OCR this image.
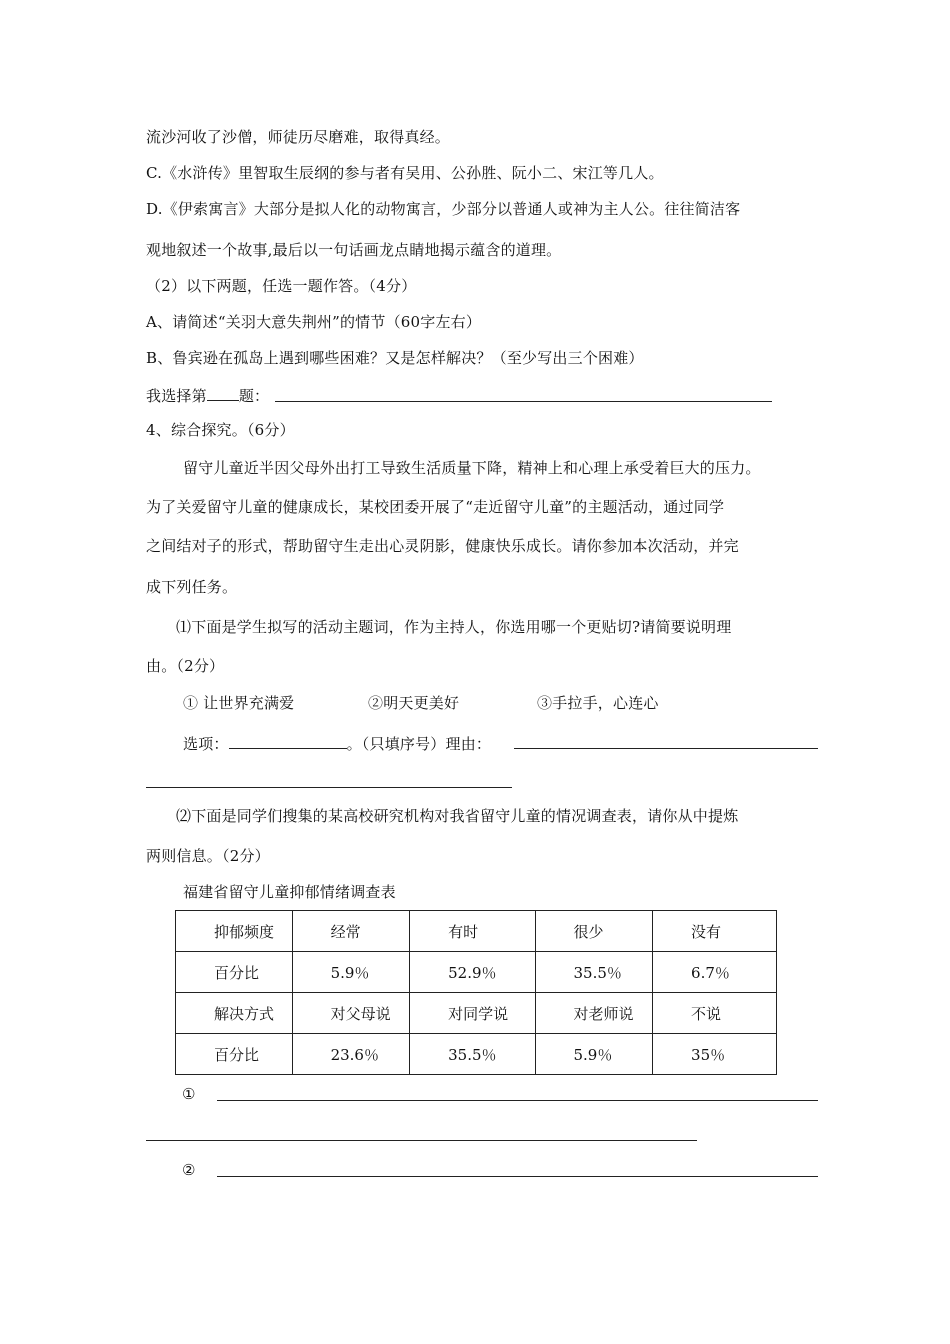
流沙河收了沙僧，师徒历尽磨难，取得真经。
C.《水浒传》里智取生辰纲的参与者有吴用、公孙胜、阮小二、宋江等几人。
D.《伊索寓言》大部分是拟人化的动物寓言，少部分以普通人或神为主人公。往往简洁客
观地叙述一个故事,最后以一句话画龙点睛地揭示蕴含的道理。
（2）以下两题，任选一题作答。（4分）
A、请简述“关羽大意失荆州”的情节（60字左右）
B、鲁宾逊在孤岛上遇到哪些困难？又是怎样解决？（至少写出三个困难）
我选择第 题：
4、综合探究。（6分）
留守儿童近半因父母外出打工导致生活质量下降，精神上和心理上承受着巨大的压力。
为了关爱留守儿童的健康成长，某校团委开展了“走近留守儿童”的主题活动，通过同学
之间结对子的形式，帮助留守生走出心灵阴影，健康快乐成长。请你参加本次活动，并完
成下列任务。
⑴下面是学生拟写的活动主题词，作为主持人，你选用哪一个更贴切?请简要说明理
由。（2分）
① 让世界充满爱	②明天更美好	③手拉手，心连心
选项：	。（只填序号）理由：
⑵下面是同学们搜集的某高校研究机构对我省留守儿童的情况调查表，请你从中提炼
两则信息。（2分）
福建省留守儿童抑郁情绪调查表
抑郁频度	经常	有时	很少	没有
百分比	5.9％	52.9％	35.5％	6.7％
解决方式	对父母说	对同学说	对老师说	不说
百分比	23.6％	35.5％	5.9％	35％
①
②
